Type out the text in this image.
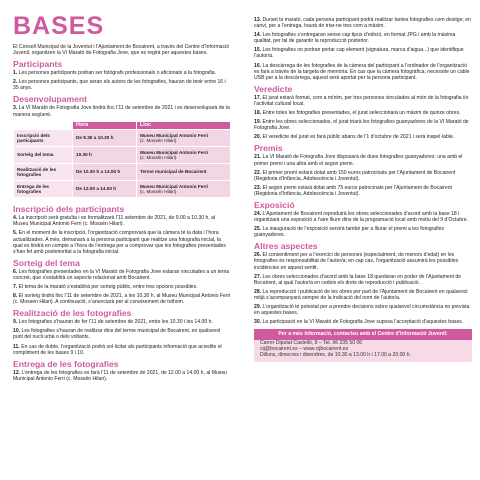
BASES

El Consell Municipal de la Joventut i l’Ajuntament de Bocairent, a través del Centre d’Informació Juvenil, organitzen la VI Marató de Fotografia Jove, que es regirà per aquestes bases.

Participants

1. Les persones participants podran ser fotògrafs professionals o aficionats a la fotografia.

2. Les persones participants, que seran els autors de les fotografies, hauran de tenir entre 16 i 35 anys.

Desenvolupament

3. La VI Marató de Fotografia Jove tindrà lloc l’11 de setembre de 2021 i es desenvoluparà de la manera següent.

	Hora	Lloc
Inscripció dels participants	De 9.30 a 10.30 h	Museu Municipal Antonio Ferri
(c. Mossén Hilari)
Sorteig del tema	10.30 h	Museu Municipal Antonio Ferri
(c. Mossén Hilari)
Realització de les fotografies	De 10.30 h a 14.00 h	Terme municipal de Bocairent
Entrega de les fotografies	De 12.00 a 14.00 h	Museu Municipal Antonio Ferri
(c. Mossén Hilari)
Inscripció dels participants

4. La inscripció serà gratuïta i es formalitzarà l’11 setembre de 2021, de 9.00 a 10.30 h, al Museu Municipal Antonio Ferri (c. Mossén Hilari).

5. En el moment de la inscripció, l’organització comprovarà que la càmera té la data i l’hora actualitzades. A més, demanarà a la persona participant que realitze una fotografia inicial, la qual es tindrà en compte a l’hora de l’entrega per a comprovar que les fotografies presentades s’han fet amb posterioritat a la fotografia inicial.

Sorteig del tema

6. Les fotografies presentades en la VI Marató de Fotografia Jove estaran vinculades a un tema concret, que s’establirà un aspecte relacionat amb Bocairent.

7. El tema de la marató s’establirà per sorteig públic, entre tres opcions possibles.

8. El sorteig tindrà lloc l’11 de setembre de 2021, a les 10.30 h, al Museu Municipal Antonio Ferri (c. Mossén Hilari). A continuació, s’anunciarà per al coneixement de tothom.

Realització de les fotografies

9. Les fotografies s’hauran de fer l’11 de setembre de 2021, entre les 10.30 i les 14.00 h.

10. Les fotografies s’hauran de realitzar dins del terme municipal de Bocairent, en qualsevol punt del nucli urbà o dels voltants.

11. En cas de dubte, l’organització podrà sol·licitar als participants informació que acredite el compliment de les bases 9 i 10.

Entrega de les fotografies

12. L’entrega de les fotografies es farà l’11 de setembre de 2021, de 12.00 a 14.00 h, al Museu Municipal Antonio Ferri (c. Mossén Hilari).

13. Durant la marató, cada persona participant podrà realitzar tantes fotografies com desitge; en canvi, per a l’entrega, haurà de triar-ne tres com a màxim.

14. Les fotografies s’entregaran sense cap tipus d’edició, en format JPG i amb la màxima qualitat, per tal de garantir la reproducció posterior.

15. Les fotografies no podran portar cap element (signatura, marca d’aigua...) que identifique l’autor/a.

16. La descàrrega de les fotografies de la càmera del participant a l’ordinador de l’organització es farà a través de la targeta de memòria. En cas que la càmera fotogràfica, necessite un cable USB per a la descàrrega, aquest serà aportat per la persona participant.

Veredicte

17. El jurat estarà format, com a mínim, per tres persones vinculades al món de la fotografia i/o l’activitat cultural local.

18. Entre totes les fotografies presentades, el jurat seleccionarà un màxim de quinze obres.

19. Entre les obres seleccionades, el jurat triarà les fotografies guanyadores de la VI Marató de Fotografia Jove.

20. El veredicte del jurat es farà públic abans de l’1 d’octubre de 2021 i serà inapel·lable.

Premis

21. La VI Marató de Fotografia Jove disposarà de dues fotografies guanyadores: una amb el primer premi i una altra amb el segon premi.

22. El primer premi estarà dotat amb 150 euros patrocinats per l’Ajuntament de Bocairent (Regidoria d’Infància, Adolescència i Joventut).

23. El segon premi estarà dotat amb 75 euros patrocinats per l’Ajuntament de Bocairent (Regidoria d’Infància, Adolescència i Joventut).

Exposició

24. L’Ajuntament de Bocairent reproduirà les obres seleccionades d’acord amb la base 18 i organitzarà una exposició a l’aire lliure dins de la programació local amb motiu del 9 d’Octubre.

25. La inauguració de l’exposició servirà també per a lliurar el premi a les fotografies guanyadores.

Altres aspectes

26. El consentiment per a l’exercici de persones (especialment, de menors d’edat) en les fotografies és responsabilitat de l’autor/a; en cap cas, l’organització assumirà les possibles incidències en aquest sentit.

27. Les obres seleccionades d’acord amb la base 18 quedaran en poder de l’Ajuntament de Bocairent, al qual l’autor/a en cedeix els drets de reproducció i publicació.

28. La reproducció i publicació de les obres per part de l’Ajuntament de Bocairent en qualsevol mitjà s’acompanyarà sempre de la indicació del nom de l’autor/a.

29. L’organització té potestat per a prendre decisions sobre qualsevol circumstància no prevista en aquestes bases.

30. La participació en la VI Marató de Fotografia Jove suposa l’acceptació d’aquestes bases.

Per a més informació, contacteu amb el Centre d’Informació Juvenil:
Carrer Diputat Castelló, 9 – Tel. 96 235 50 06
cij@bocairent.es – www.cijbocairent.es
Dilluns, dimecres i divendres, de 10.30 a 13.00 h i 17.00 a 20.00 h.
